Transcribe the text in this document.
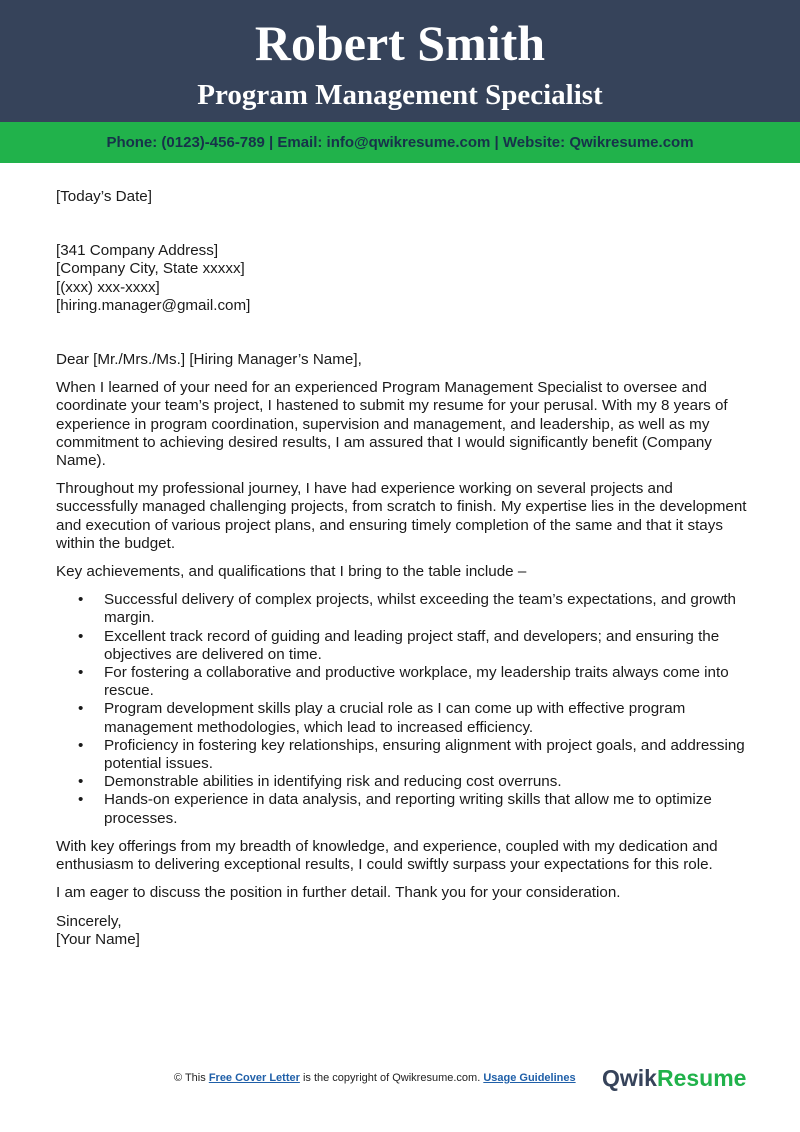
Robert Smith
Program Management Specialist
Phone: (0123)-456-789 | Email: info@qwikresume.com | Website: Qwikresume.com

[Today’s Date]

[341 Company Address]

[Company City, State xxxxx]

[(xxx) xxx-xxxx]

[hiring.manager@gmail.com]

Dear [Mr./Mrs./Ms.] [Hiring Manager’s Name],

When I learned of your need for an experienced Program Management Specialist to oversee and coordinate your team’s project, I hastened to submit my resume for your perusal. With my 8 years of experience in program coordination, supervision and management, and leadership, as well as my commitment to achieving desired results, I am assured that I would significantly benefit (Company Name).

Throughout my professional journey, I have had experience working on several projects and successfully managed challenging projects, from scratch to finish. My expertise lies in the development and execution of various project plans, and ensuring timely completion of the same and that it stays within the budget.

Key achievements, and qualifications that I bring to the table include –

• Successful delivery of complex projects, whilst exceeding the team’s expectations, and growth margin.
• Excellent track record of guiding and leading project staff, and developers; and ensuring the objectives are delivered on time.
• For fostering a collaborative and productive workplace, my leadership traits always come into rescue.
• Program development skills play a crucial role as I can come up with effective program management methodologies, which lead to increased efficiency.
• Proficiency in fostering key relationships, ensuring alignment with project goals, and addressing potential issues.
• Demonstrable abilities in identifying risk and reducing cost overruns.
• Hands-on experience in data analysis, and reporting writing skills that allow me to optimize processes.

With key offerings from my breadth of knowledge, and experience, coupled with my dedication and enthusiasm to delivering exceptional results, I could swiftly surpass your expectations for this role.

I am eager to discuss the position in further detail. Thank you for your consideration.

Sincerely,

[Your Name]

© This Free Cover Letter is the copyright of Qwikresume.com. Usage Guidelines QwikResume
